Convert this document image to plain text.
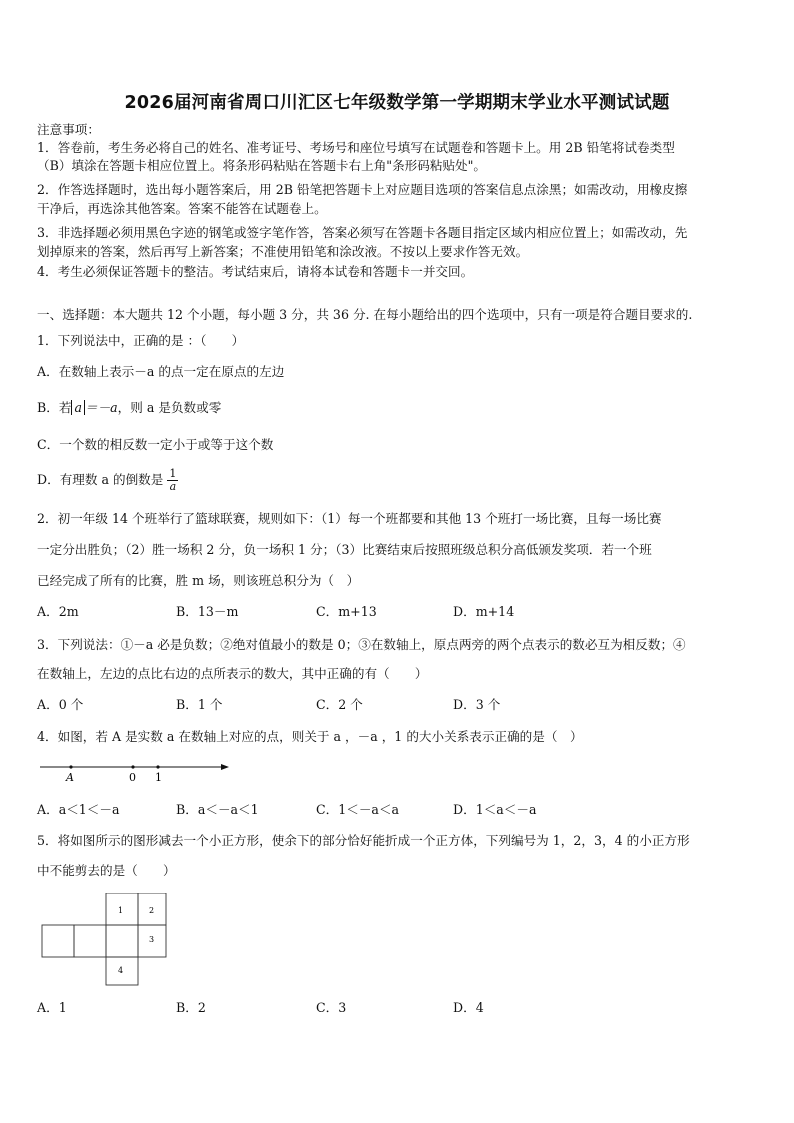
2026届河南省周口川汇区七年级数学第一学期期末学业水平测试试题
注意事项：
1．答卷前，考生务必将自己的姓名、准考证号、考场号和座位号填写在试题卷和答题卡上。用 2B 铅笔将试卷类型
（B）填涂在答题卡相应位置上。将条形码粘贴在答题卡右上角"条形码粘贴处"。
2．作答选择题时，选出每小题答案后，用 2B 铅笔把答题卡上对应题目选项的答案信息点涂黑；如需改动，用橡皮擦
干净后，再选涂其他答案。答案不能答在试题卷上。
3．非选择题必须用黑色字迹的钢笔或签字笔作答，答案必须写在答题卡各题目指定区域内相应位置上；如需改动，先
划掉原来的答案，然后再写上新答案；不准使用铅笔和涂改液。不按以上要求作答无效。
4．考生必须保证答题卡的整洁。考试结束后，请将本试卷和答题卡一并交回。
一、选择题：本大题共 12 个小题，每小题 3 分，共 36 分. 在每小题给出的四个选项中，只有一项是符合题目要求的.
1．下列说法中，正确的是 ：（　　）
A．在数轴上表示－a 的点一定在原点的左边
B．若 a ＝－a，则 a 是负数或零
C．一个数的相反数一定小于或等于这个数
D．有理数 a 的倒数是 $\frac{1}{a}$
2．初一年级 14 个班举行了篮球联赛，规则如下：（1）每一个班都要和其他 13 个班打一场比赛，且每一场比赛
一定分出胜负；（2）胜一场积 2 分，负一场积 1 分；（3）比赛结束后按照班级总积分高低颁发奖项．若一个班
已经完成了所有的比赛，胜 m 场，则该班总积分为（　）
A．2m	B．13－m	C．m+13	D．m+14
3．下列说法：①－a 必是负数；②绝对值最小的数是 0；③在数轴上，原点两旁的两个点表示的数必互为相反数；④
在数轴上，左边的点比右边的点所表示的数大，其中正确的有（　　）
A．0 个	B．1 个	C．2 个	D．3 个
4．如图，若 A 是实数 a 在数轴上对应的点，则关于 a ，－a ，1 的大小关系表示正确的是（　）
A	0 1
A．a＜1＜－a	B．a＜－a＜1	C．1＜－a＜a	D．1＜a＜－a
5．将如图所示的图形减去一个小正方形，使余下的部分恰好能折成一个正方体，下列编号为 1，2，3，4 的小正方形
中不能剪去的是（　　）
1	2
3
4
A．1	B．2	C．3	D．4
